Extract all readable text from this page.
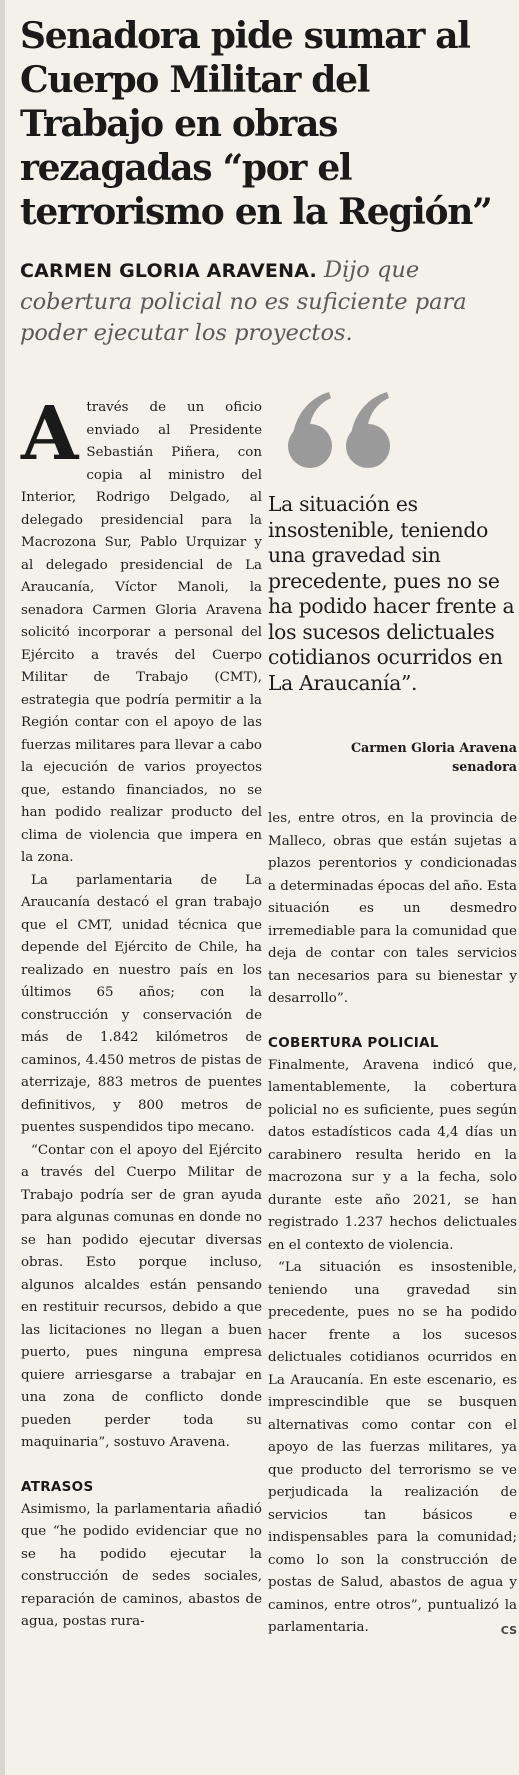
Senadora pide sumar al Cuerpo Militar del Trabajo en obras rezagadas “por el terrorismo en la Región”

CARMEN GLORIA ARAVENA. Dijo que cobertura policial no es suficiente para poder ejecutar los proyectos.

A través de un oficio enviado al Presidente Sebastián Piñera, con copia al ministro del Interior, Rodrigo Delgado, al delegado presidencial para la Macrozona Sur, Pablo Urquizar y al delegado presidencial de La Araucanía, Víctor Manoli, la senadora Carmen Gloria Aravena solicitó incorporar a personal del Ejército a través del Cuerpo Militar de Trabajo (CMT), estrategia que podría permitir a la Región contar con el apoyo de las fuerzas militares para llevar a cabo la ejecución de varios proyectos que, estando financiados, no se han podido realizar producto del clima de violencia que impera en la zona.

La parlamentaria de La Araucanía destacó el gran trabajo que el CMT, unidad técnica que depende del Ejército de Chile, ha realizado en nuestro país en los últimos 65 años; con la construcción y conservación de más de 1.842 kilómetros de caminos, 4.450 metros de pistas de aterrizaje, 883 metros de puentes definitivos, y 800 metros de puentes suspendidos tipo mecano.

“Contar con el apoyo del Ejército a través del Cuerpo Militar de Trabajo podría ser de gran ayuda para algunas comunas en donde no se han podido ejecutar diversas obras. Esto porque incluso, algunos alcaldes están pensando en restituir recursos, debido a que las licitaciones no llegan a buen puerto, pues ninguna empresa quiere arriesgarse a trabajar en una zona de conflicto donde pueden perder toda su maquinaria”, sostuvo Aravena.

ATRASOS

Asimismo, la parlamentaria añadió que “he podido evidenciar que no se ha podido ejecutar la construcción de sedes sociales, reparación de caminos, abastos de agua, postas rura-

La situación es insostenible, teniendo una gravedad sin precedente, pues no se ha podido hacer frente a los sucesos delictuales cotidianos ocurridos en La Araucanía”.

Carmen Gloria Aravena
senadora

les, entre otros, en la provincia de Malleco, obras que están sujetas a plazos perentorios y condicionadas a determinadas épocas del año. Esta situación es un desmedro irremediable para la comunidad que deja de contar con tales servicios tan necesarios para su bienestar y desarrollo”.

COBERTURA POLICIAL

Finalmente, Aravena indicó que, lamentablemente, la cobertura policial no es suficiente, pues según datos estadísticos cada 4,4 días un carabinero resulta herido en la macrozona sur y a la fecha, solo durante este año 2021, se han registrado 1.237 hechos delictuales en el contexto de violencia.

“La situación es insostenible, teniendo una gravedad sin precedente, pues no se ha podido hacer frente a los sucesos delictuales cotidianos ocurridos en La Araucanía. En este escenario, es imprescindible que se busquen alternativas como contar con el apoyo de las fuerzas militares, ya que producto del terrorismo se ve perjudicada la realización de servicios tan básicos e indispensables para la comunidad; como lo son la construcción de postas de Salud, abastos de agua y caminos, entre otros”, puntualizó la parlamentaria.	CS
